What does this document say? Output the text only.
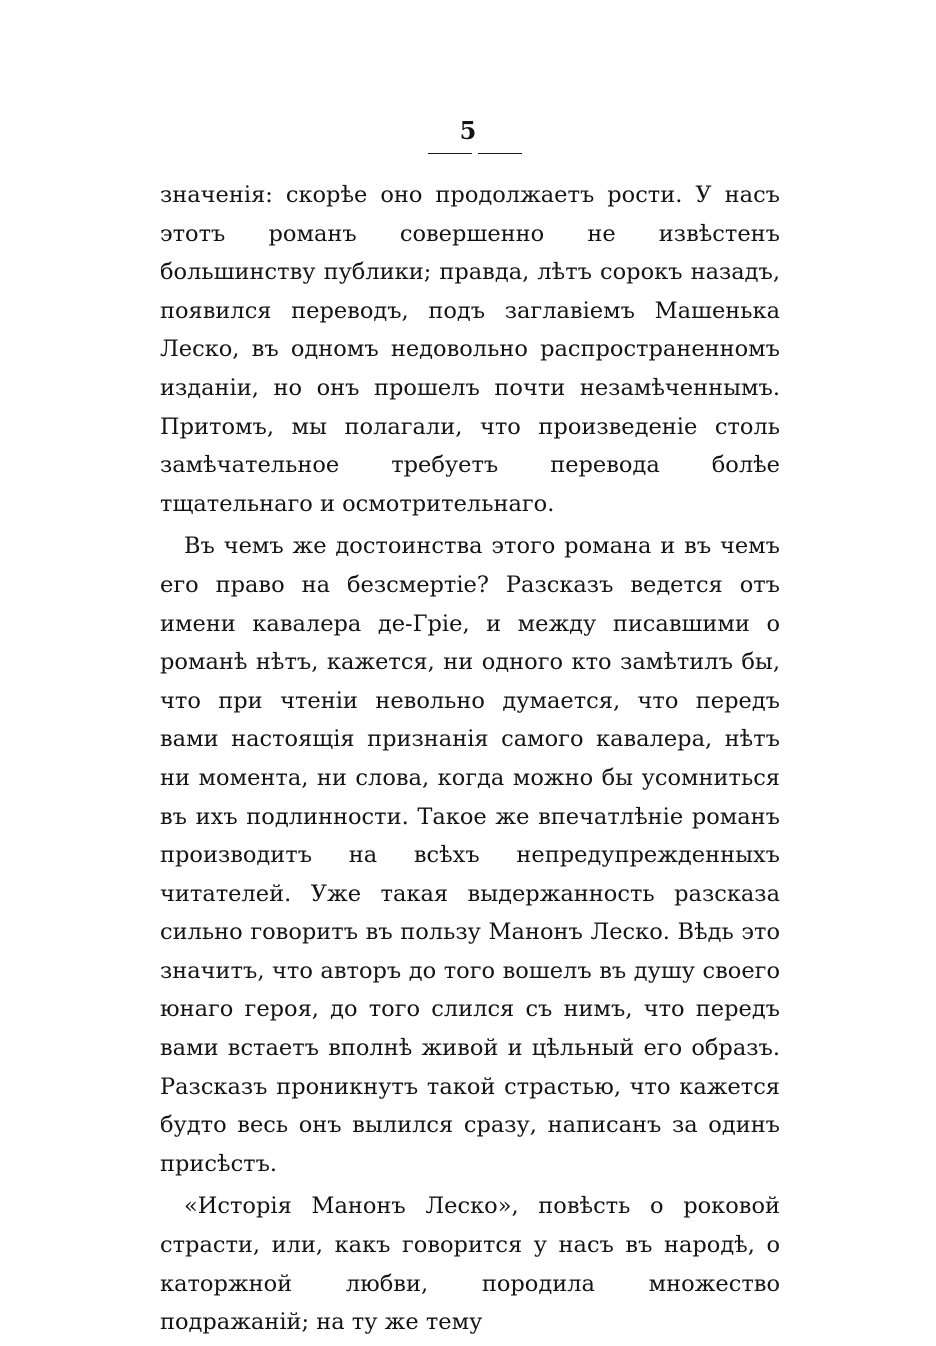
5

значенія: скорѣе оно продолжаетъ рости. У насъ этотъ романъ совершенно не извѣстенъ большинству публики; правда, лѣтъ сорокъ назадъ, появился переводъ, подъ заглавіемъ Машенька Леско, въ одномъ недовольно распространенномъ изданіи, но онъ прошелъ почти незамѣченнымъ. Притомъ, мы полагали, что произведеніе столь замѣчательное требуетъ перевода болѣе тщательнаго и осмотрительнаго.

Въ чемъ же достоинства этого романа и въ чемъ его право на безсмертіе? Разсказъ ведется отъ имени кавалера де-Гріе, и между писавшими о романѣ нѣтъ, кажется, ни одного кто замѣтилъ бы, что при чтеніи невольно думается, что передъ вами настоящія признанія самого кавалера, нѣтъ ни момента, ни слова, когда можно бы усомниться въ ихъ подлинности. Такое же впечатлѣніе романъ производитъ на всѣхъ непредупрежденныхъ читателей. Уже такая выдержанность разсказа сильно говоритъ въ пользу Манонъ Леско. Вѣдь это значитъ, что авторъ до того вошелъ въ душу своего юнаго героя, до того слился съ нимъ, что передъ вами встаетъ вполнѣ живой и цѣльный его образъ. Разсказъ проникнутъ такой страстью, что кажется будто весь онъ вылился сразу, написанъ за одинъ присѣстъ.

«Исторія Манонъ Леско», повѣсть о роковой страсти, или, какъ говорится у насъ въ народѣ, о каторжной любви, породила множество подражаній; на ту же тему
